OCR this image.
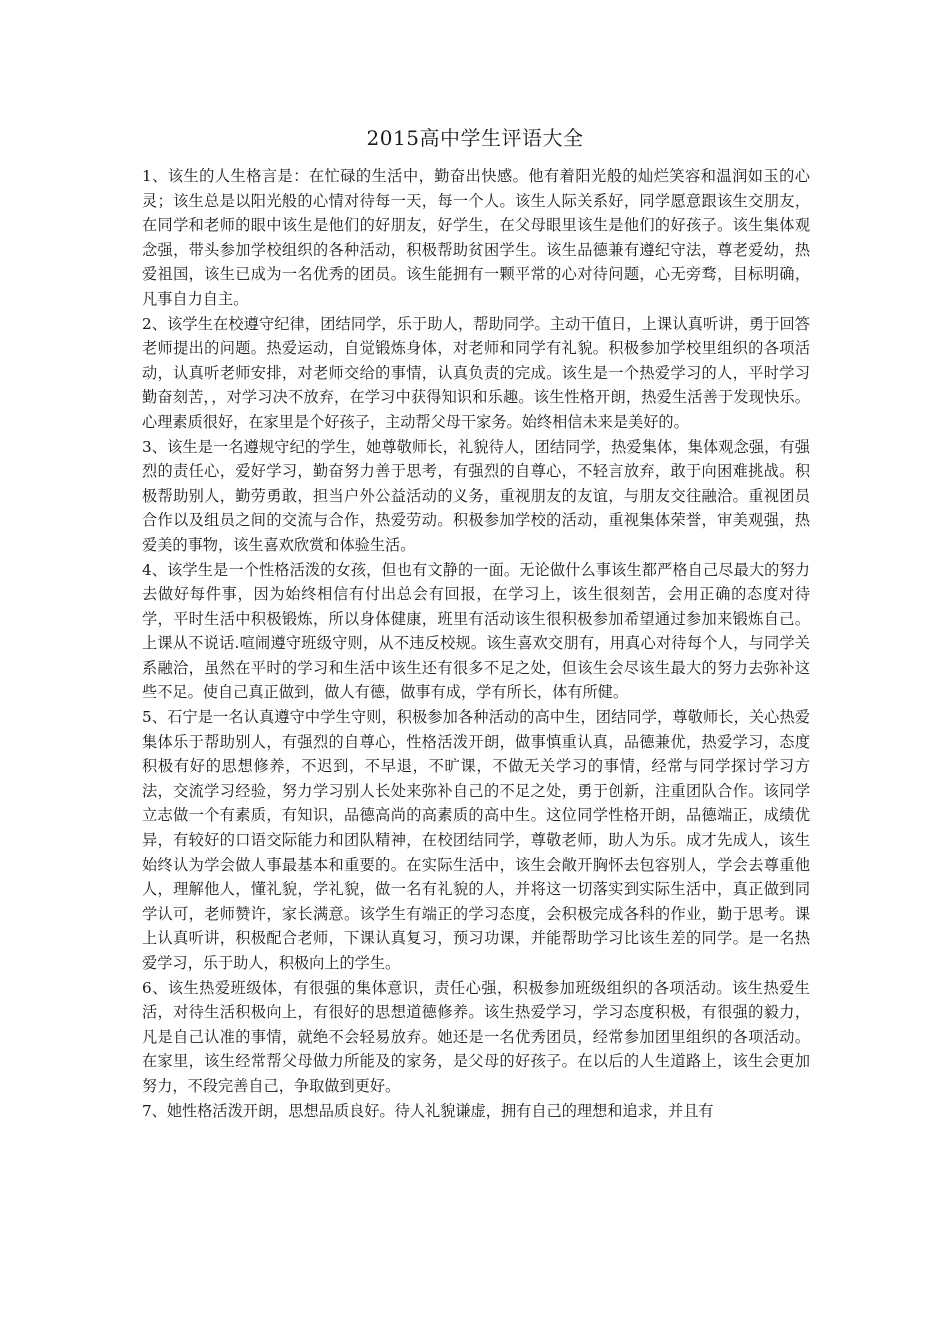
2015高中学生评语大全

1、该生的人生格言是：在忙碌的生活中，勤奋出快感。他有着阳光般的灿烂笑容和温润如玉的心灵；该生总是以阳光般的心情对待每一天，每一个人。该生人际关系好，同学愿意跟该生交朋友，在同学和老师的眼中该生是他们的好朋友，好学生，在父母眼里该生是他们的好孩子。该生集体观念强，带头参加学校组织的各种活动，积极帮助贫困学生。该生品德兼有遵纪守法，尊老爱幼，热爱祖国，该生已成为一名优秀的团员。该生能拥有一颗平常的心对待问题，心无旁骛，目标明确，凡事自力自主。

2、该学生在校遵守纪律，团结同学，乐于助人，帮助同学。主动干值日，上课认真听讲，勇于回答老师提出的问题。热爱运动，自觉锻炼身体，对老师和同学有礼貌。积极参加学校里组织的各项活动，认真听老师安排，对老师交给的事情，认真负责的完成。该生是一个热爱学习的人，平时学习勤奋刻苦，，对学习决不放弃，在学习中获得知识和乐趣。该生性格开朗，热爱生活善于发现快乐。心理素质很好，在家里是个好孩子，主动帮父母干家务。始终相信未来是美好的。

3、该生是一名遵规守纪的学生，她尊敬师长，礼貌待人，团结同学，热爱集体，集体观念强，有强烈的责任心，爱好学习，勤奋努力善于思考，有强烈的自尊心，不轻言放弃，敢于向困难挑战。积极帮助别人，勤劳勇敢，担当户外公益活动的义务，重视朋友的友谊，与朋友交往融洽。重视团员合作以及组员之间的交流与合作，热爱劳动。积极参加学校的活动，重视集体荣誉，审美观强，热爱美的事物，该生喜欢欣赏和体验生活。

4、该学生是一个性格活泼的女孩，但也有文静的一面。无论做什么事该生都严格自己尽最大的努力去做好每件事，因为始终相信有付出总会有回报，在学习上，该生很刻苦，会用正确的态度对待学，平时生活中积极锻炼，所以身体健康，班里有活动该生很积极参加希望通过参加来锻炼自己。上课从不说话.喧闹遵守班级守则，从不违反校规。该生喜欢交朋有，用真心对待每个人，与同学关系融洽，虽然在平时的学习和生活中该生还有很多不足之处，但该生会尽该生最大的努力去弥补这些不足。使自己真正做到，做人有德，做事有成，学有所长，体有所健。

5、石宁是一名认真遵守中学生守则，积极参加各种活动的高中生，团结同学，尊敬师长，关心热爱集体乐于帮助别人，有强烈的自尊心，性格活泼开朗，做事慎重认真，品德兼优，热爱学习，态度积极有好的思想修养，不迟到，不早退，不旷课，不做无关学习的事情，经常与同学探讨学习方法，交流学习经验，努力学习别人长处来弥补自己的不足之处，勇于创新，注重团队合作。该同学立志做一个有素质，有知识，品德高尚的高素质的高中生。这位同学性格开朗，品德端正，成绩优异，有较好的口语交际能力和团队精神，在校团结同学，尊敬老师，助人为乐。成才先成人，该生始终认为学会做人事最基本和重要的。在实际生活中，该生会敞开胸怀去包容别人，学会去尊重他人，理解他人，懂礼貌，学礼貌，做一名有礼貌的人，并将这一切落实到实际生活中，真正做到同学认可，老师赞许，家长满意。该学生有端正的学习态度，会积极完成各科的作业，勤于思考。课上认真听讲，积极配合老师，下课认真复习，预习功课，并能帮助学习比该生差的同学。是一名热爱学习，乐于助人，积极向上的学生。

6、该生热爱班级体，有很强的集体意识，责任心强，积极参加班级组织的各项活动。该生热爱生活，对待生活积极向上，有很好的思想道德修养。该生热爱学习，学习态度积极，有很强的毅力，凡是自己认准的事情，就绝不会轻易放弃。她还是一名优秀团员，经常参加团里组织的各项活动。在家里，该生经常帮父母做力所能及的家务，是父母的好孩子。在以后的人生道路上，该生会更加努力，不段完善自己，争取做到更好。

7、她性格活泼开朗，思想品质良好。待人礼貌谦虚，拥有自己的理想和追求，并且有
